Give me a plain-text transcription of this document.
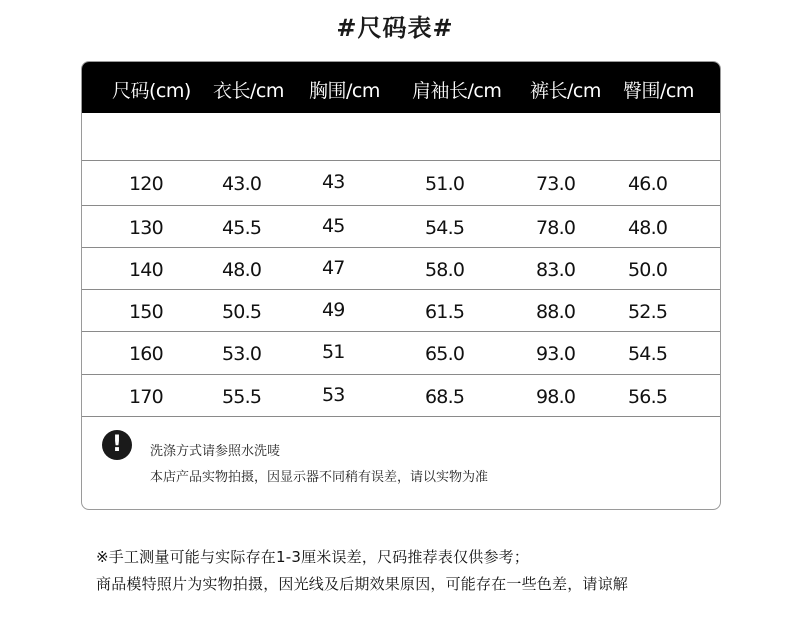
#尺码表#
尺码(cm) 衣长/cm 胸围/cm 肩袖长/cm 裤长/cm 臀围/cm
120	43.0	43	51.0	73.0	46.0
130	45.5	45	54.5	78.0	48.0
140	48.0	47	58.0	83.0	50.0
150	50.5	49	61.5	88.0	52.5
160	53.0	51	65.0	93.0	54.5
170	55.5	53	68.5	98.0	56.5
!	洗涤方式请参照水洗唛
本店产品实物拍摄，因显示器不同稍有误差，请以实物为准
※手工测量可能与实际存在1-3厘米误差，尺码推荐表仅供参考；
商品模特照片为实物拍摄，因光线及后期效果原因，可能存在一些色差，请谅解
